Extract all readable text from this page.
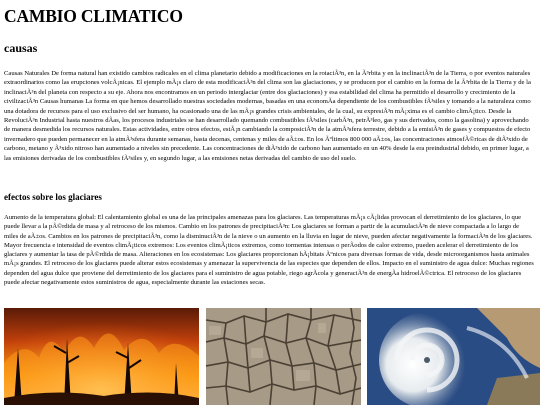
CAMBIO CLIMATICO
causas

Causas Naturales De forma natural han existido cambios radicales en el clima planetario debido a modificaciones en la rotaciÃ³n, en la Ã³rbita y en la inclinaciÃ³n de la Tierra, o por eventos naturales extraordinarios como las erupciones volcÃ¡nicas. El ejemplo mÃ¡s claro de esta modificaciÃ³n del clima son las glaciaciones, y se producen por el cambio en la forma de la Ã³rbita de la Tierra y de la inclinaciÃ³n del planeta con respecto a su eje. Ahora nos encontramos en un periodo interglaciar (entre dos glaciaciones) y esa estabilidad del clima ha permitido el desarrollo y crecimiento de la civilizaciÃ³n Causas humanas La forma en que hemos desarrollado nuestras sociedades modernas, basadas en una economÃa dependiente de los combustibles fÃ³siles y tomando a la naturaleza como una dotadora de recursos para el uso exclusivo del ser humano, ha ocasionado una de las mÃ¡s grandes crisis ambientales, de la cual, su expresiÃ³n mÃ¡xima es el cambio climÃ¡tico. Desde la RevoluciÃ³n Industrial hasta nuestros dÃas, los procesos industriales se han desarrollado quemando combustibles fÃ³siles (carbÃ³n, petrÃ³leo, gas y sus derivados, como la gasolina) y aprovechando de manera desmedida los recursos naturales. Estas actividades, entre otros efectos, estÃ¡n cambiando la composiciÃ³n de la atmÃ³sfera terrestre, debido a la emisiÃ³n de gases y compuestos de efecto invernadero que pueden permanecer en la atmÃ³sfera durante semanas, hasta decenas, centenas y miles de aÃ±os. En los Ãºltimos 800 000 aÃ±os, las concentraciones atmosfÃ©ricas de diÃ³xido de carbono, metano y Ã³xido nitroso han aumentado a niveles sin precedente. Las concentraciones de diÃ³xido de carbono han aumentado en un 40% desde la era preindustrial debido, en primer lugar, a las emisiones derivadas de los combustibles fÃ³siles y, en segundo lugar, a las emisiones netas derivadas del cambio de uso del suelo.

efectos sobre los glaciares

Aumento de la temperatura global: El calentamiento global es una de las principales amenazas para los glaciares. Las temperaturas mÃ¡s cÃ¡lidas provocan el derretimiento de los glaciares, lo que puede llevar a la pÃ©rdida de masa y al retroceso de los mismos. Cambio en los patrones de precipitaciÃ³n: Los glaciares se forman a partir de la acumulaciÃ³n de nieve compactada a lo largo de miles de aÃ±os. Cambios en los patrones de precipitaciÃ³n, como la disminuciÃ³n de la nieve o un aumento en la lluvia en lugar de nieve, pueden afectar negativamente la formaciÃ³n de los glaciares. Mayor frecuencia e intensidad de eventos climÃ¡ticos extremos: Los eventos climÃ¡ticos extremos, como tormentas intensas o perÃodos de calor extremo, pueden acelerar el derretimiento de los glaciares y aumentar la tasa de pÃ©rdida de masa. Alteraciones en los ecosistemas: Los glaciares proporcionan hÃ¡bitats Ãºnicos para diversas formas de vida, desde microorganismos hasta animales mÃ¡s grandes. El retroceso de los glaciares puede alterar estos ecosistemas y amenazar la supervivencia de las especies que dependen de ellos. Impacto en el suministro de agua dulce: Muchas regiones dependen del agua dulce que proviene del derretimiento de los glaciares para el suministro de agua potable, riego agrÃcola y generaciÃ³n de energÃa hidroelÃ©ctrica. El retroceso de los glaciares puede afectar negativamente estos suministros de agua, especialmente durante las estaciones secas.
